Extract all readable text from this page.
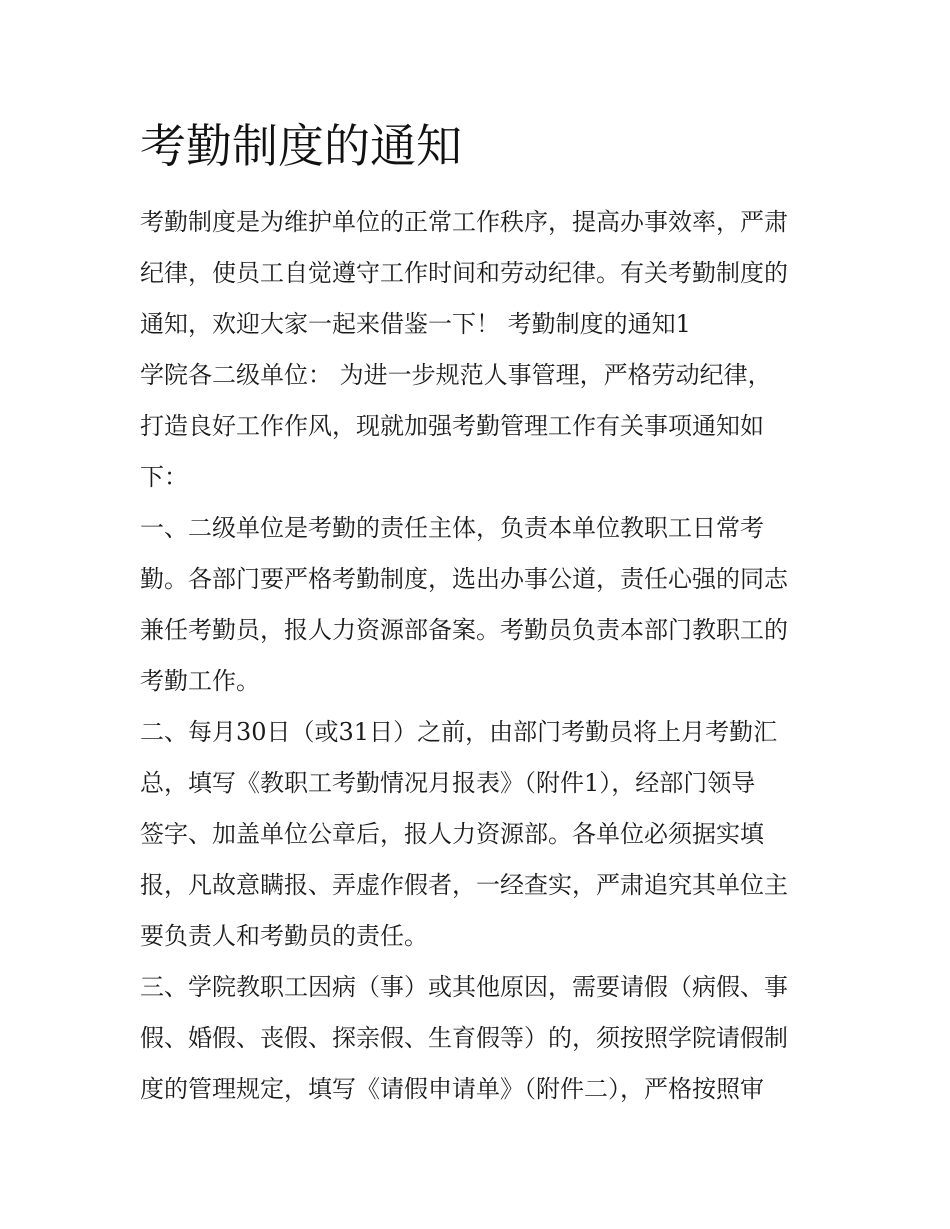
考勤制度的通知

考勤制度是为维护单位的正常工作秩序，提高办事效率，严肃

纪律，使员工自觉遵守工作时间和劳动纪律。有关考勤制度的

通知，欢迎大家一起来借鉴一下！ 考勤制度的通知1

学院各二级单位： 为进一步规范人事管理，严格劳动纪律，

打造良好工作作风，现就加强考勤管理工作有关事项通知如

下：

一、二级单位是考勤的责任主体，负责本单位教职工日常考

勤。各部门要严格考勤制度，选出办事公道，责任心强的同志

兼任考勤员，报人力资源部备案。考勤员负责本部门教职工的

考勤工作。

二、每月30日（或31日）之前，由部门考勤员将上月考勤汇

总，填写《教职工考勤情况月报表》（附件1），经部门领导

签字、加盖单位公章后，报人力资源部。各单位必须据实填

报，凡故意瞒报、弄虚作假者，一经查实，严肃追究其单位主

要负责人和考勤员的责任。

三、学院教职工因病（事）或其他原因，需要请假（病假、事

假、婚假、丧假、探亲假、生育假等）的，须按照学院请假制

度的管理规定，填写《请假申请单》（附件二），严格按照审
